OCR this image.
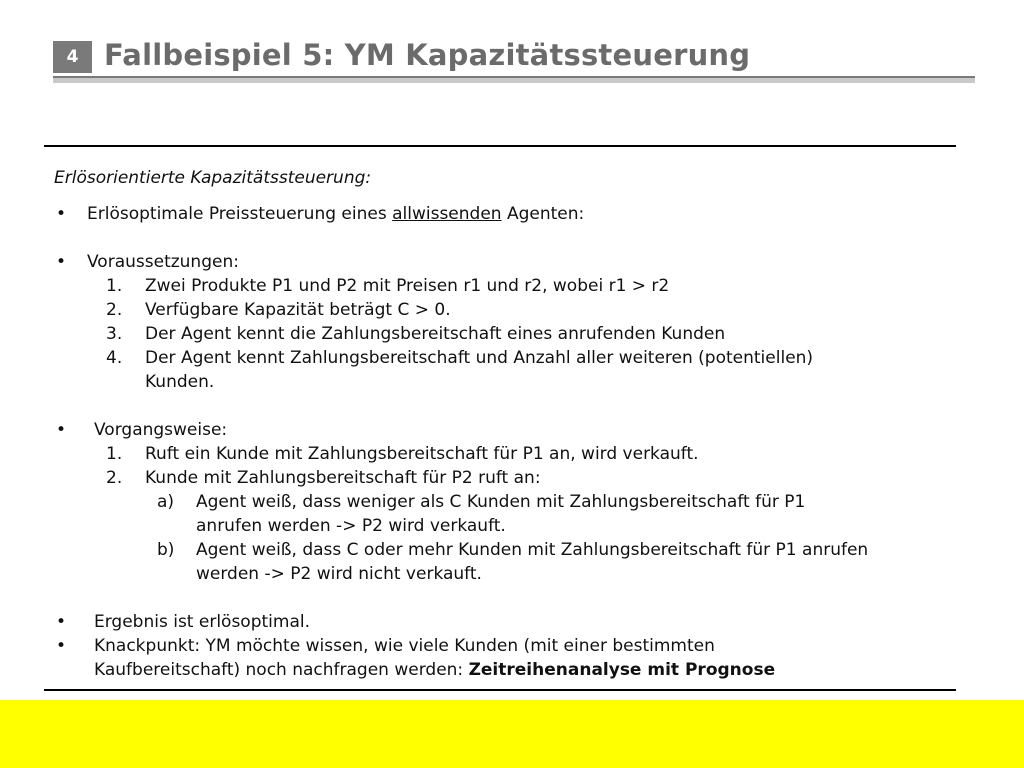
4 Fallbeispiel 5: YM Kapazitätssteuerung
Erlösorientierte Kapazitätssteuerung:
• Erlösoptimale Preissteuerung eines allwissenden Agenten:
• Voraussetzungen:
1. Zwei Produkte P1 und P2 mit Preisen r1 und r2, wobei r1 > r2
2. Verfügbare Kapazität beträgt C > 0.
3. Der Agent kennt die Zahlungsbereitschaft eines anrufenden Kunden
4. Der Agent kennt Zahlungsbereitschaft und Anzahl aller weiteren (potentiellen)
Kunden.
• Vorgangsweise:
1. Ruft ein Kunde mit Zahlungsbereitschaft für P1 an, wird verkauft.
2. Kunde mit Zahlungsbereitschaft für P2 ruft an:
a) Agent weiß, dass weniger als C Kunden mit Zahlungsbereitschaft für P1
anrufen werden -> P2 wird verkauft.
b) Agent weiß, dass C oder mehr Kunden mit Zahlungsbereitschaft für P1 anrufen
werden -> P2 wird nicht verkauft.
• Ergebnis ist erlösoptimal.
• Knackpunkt: YM möchte wissen, wie viele Kunden (mit einer bestimmten
Kaufbereitschaft) noch nachfragen werden: Zeitreihenanalyse mit Prognose
